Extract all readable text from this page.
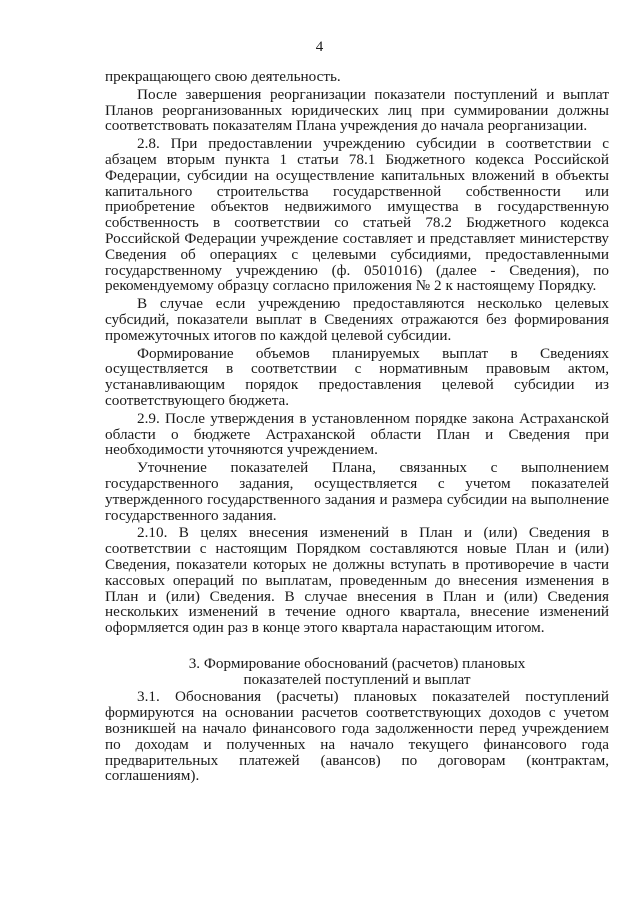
4

прекращающего свою деятельность.

После завершения реорганизации показатели поступлений и выплат Планов реорганизованных юридических лиц при суммировании должны соответствовать показателям Плана учреждения до начала реорганизации.

2.8. При предоставлении учреждению субсидии в соответствии с абзацем вторым пункта 1 статьи 78.1 Бюджетного кодекса Российской Федерации, субсидии на осуществление капитальных вложений в объекты капитального строительства государственной собственности или приобретение объектов недвижимого имущества в государственную собственность в соответствии со статьей 78.2 Бюджетного кодекса Российской Федерации учреждение составляет и представляет министерству Сведения об операциях с целевыми субсидиями, предоставленными государственному учреждению (ф. 0501016) (далее - Сведения), по рекомендуемому образцу согласно приложения № 2 к настоящему Порядку.

В случае если учреждению предоставляются несколько целевых субсидий, показатели выплат в Сведениях отражаются без формирования промежуточных итогов по каждой целевой субсидии.

Формирование объемов планируемых выплат в Сведениях осуществляется в соответствии с нормативным правовым актом, устанавливающим порядок предоставления целевой субсидии из соответствующего бюджета.

2.9. После утверждения в установленном порядке закона Астраханской области о бюджете Астраханской области План и Сведения при необходимости уточняются учреждением.

Уточнение показателей Плана, связанных с выполнением государственного задания, осуществляется с учетом показателей утвержденного государственного задания и размера субсидии на выполнение государственного задания.

2.10. В целях внесения изменений в План и (или) Сведения в соответствии с настоящим Порядком составляются новые План и (или) Сведения, показатели которых не должны вступать в противоречие в части кассовых операций по выплатам, проведенным до внесения изменения в План и (или) Сведения. В случае внесения в План и (или) Сведения нескольких изменений в течение одного квартала, внесение изменений оформляется один раз в конце этого квартала нарастающим итогом.

3. Формирование обоснований (расчетов) плановых
показателей поступлений и выплат

3.1. Обоснования (расчеты) плановых показателей поступлений формируются на основании расчетов соответствующих доходов с учетом возникшей на начало финансового года задолженности перед учреждением по доходам и полученных на начало текущего финансового года предварительных платежей (авансов) по договорам (контрактам, соглашениям).
